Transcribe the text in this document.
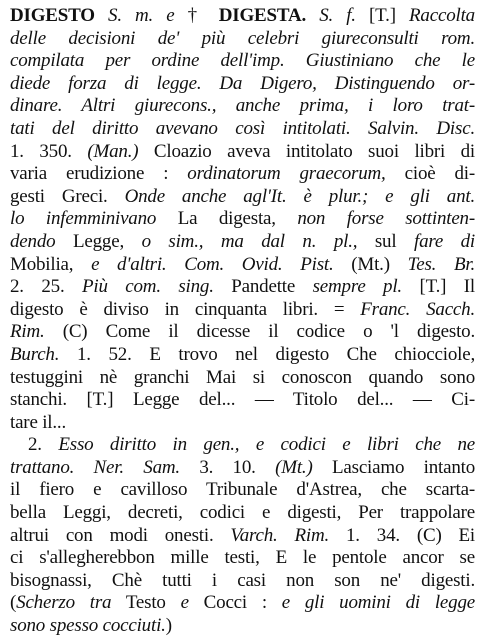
DIGESTO S. m. e † DIGESTA. S. f. [T.] Raccolta
delle decisioni de' più celebri giureconsulti rom.
compilata per ordine dell'imp. Giustiniano che le
diede forza di legge. Da Digero, Distinguendo or-
dinare. Altri giurecons., anche prima, i loro trat-
tati del diritto avevano così intitolati. Salvin. Disc.
1. 350. (Man.) Cloazio aveva intitolato suoi libri di
varia erudizione : ordinatorum graecorum, cioè di-
gesti Greci. Onde anche agl'It. è plur.; e gli ant.
lo infemminivano La digesta, non forse sottinten-
dendo Legge, o sim., ma dal n. pl., sul fare di
Mobilia, e d'altri. Com. Ovid. Pist. (Mt.) Tes. Br.
2. 25. Più com. sing. Pandette sempre pl. [T.] Il
digesto è diviso in cinquanta libri. = Franc. Sacch.
Rim. (C) Come il dicesse il codice o 'l digesto.
Burch. 1. 52. E trovo nel digesto Che chiocciole,
testuggini nè granchi Mai si conoscon quando sono
stanchi. [T.] Legge del... — Titolo del... — Ci-
tare il...
2. Esso diritto in gen., e codici e libri che ne
trattano. Ner. Sam. 3. 10. (Mt.) Lasciamo intanto
il fiero e cavilloso Tribunale d'Astrea, che scarta-
bella Leggi, decreti, codici e digesti, Per trappolare
altrui con modi onesti. Varch. Rim. 1. 34. (C) Ei
ci s'allegherebbon mille testi, E le pentole ancor se
bisognassi, Chè tutti i casi non son ne' digesti.
(Scherzo tra Testo e Cocci : e gli uomini di legge
sono spesso cocciuti.)
